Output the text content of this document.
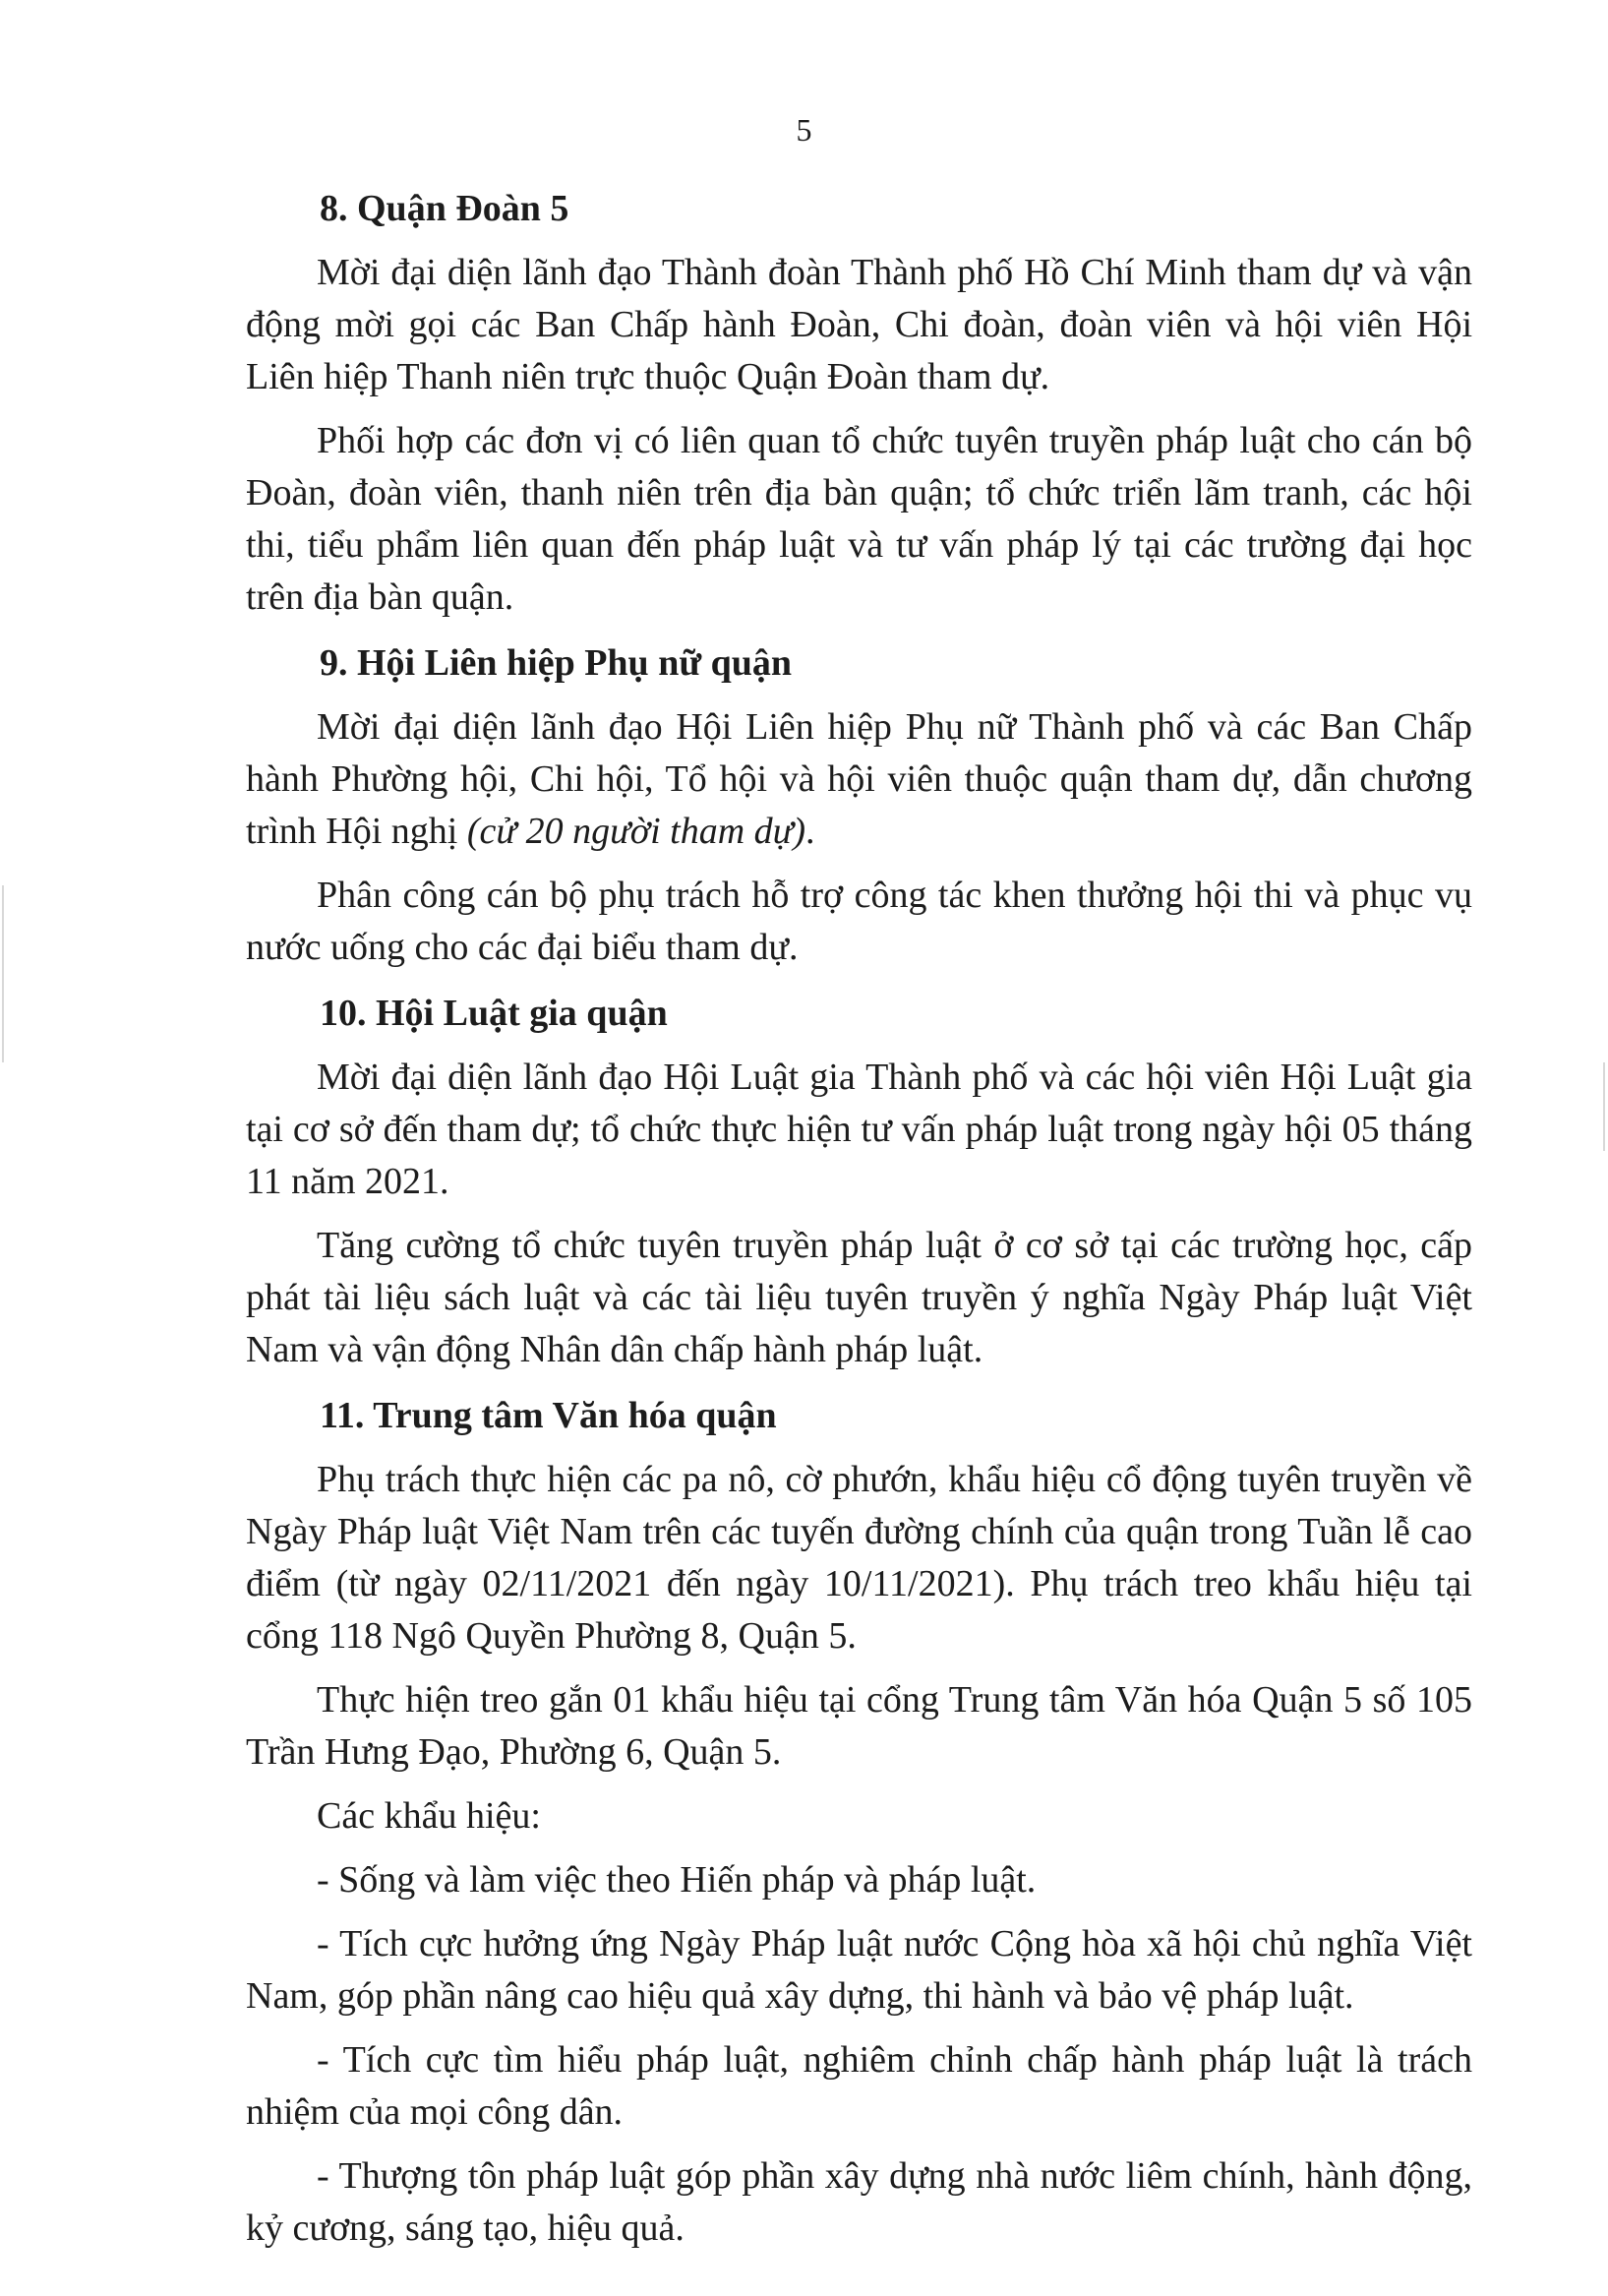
5
8. Quận Đoàn 5

Mời đại diện lãnh đạo Thành đoàn Thành phố Hồ Chí Minh tham dự và vận động mời gọi các Ban Chấp hành Đoàn, Chi đoàn, đoàn viên và hội viên Hội Liên hiệp Thanh niên trực thuộc Quận Đoàn tham dự.

Phối hợp các đơn vị có liên quan tổ chức tuyên truyền pháp luật cho cán bộ Đoàn, đoàn viên, thanh niên trên địa bàn quận; tổ chức triển lãm tranh, các hội thi, tiểu phẩm liên quan đến pháp luật và tư vấn pháp lý tại các trường đại học trên địa bàn quận.

9. Hội Liên hiệp Phụ nữ quận

Mời đại diện lãnh đạo Hội Liên hiệp Phụ nữ Thành phố và các Ban Chấp hành Phường hội, Chi hội, Tổ hội và hội viên thuộc quận tham dự, dẫn chương trình Hội nghị (cử 20 người tham dự).

Phân công cán bộ phụ trách hỗ trợ công tác khen thưởng hội thi và phục vụ nước uống cho các đại biểu tham dự.

10. Hội Luật gia quận

Mời đại diện lãnh đạo Hội Luật gia Thành phố và các hội viên Hội Luật gia tại cơ sở đến tham dự; tổ chức thực hiện tư vấn pháp luật trong ngày hội 05 tháng 11 năm 2021.

Tăng cường tổ chức tuyên truyền pháp luật ở cơ sở tại các trường học, cấp phát tài liệu sách luật và các tài liệu tuyên truyền ý nghĩa Ngày Pháp luật Việt Nam và vận động Nhân dân chấp hành pháp luật.

11. Trung tâm Văn hóa quận

Phụ trách thực hiện các pa nô, cờ phướn, khẩu hiệu cổ động tuyên truyền về Ngày Pháp luật Việt Nam trên các tuyến đường chính của quận trong Tuần lễ cao điểm (từ ngày 02/11/2021 đến ngày 10/11/2021). Phụ trách treo khẩu hiệu tại cổng 118 Ngô Quyền Phường 8, Quận 5.

Thực hiện treo gắn 01 khẩu hiệu tại cổng Trung tâm Văn hóa Quận 5 số 105 Trần Hưng Đạo, Phường 6, Quận 5.

Các khẩu hiệu:

- Sống và làm việc theo Hiến pháp và pháp luật.

- Tích cực hưởng ứng Ngày Pháp luật nước Cộng hòa xã hội chủ nghĩa Việt Nam, góp phần nâng cao hiệu quả xây dựng, thi hành và bảo vệ pháp luật.

- Tích cực tìm hiểu pháp luật, nghiêm chỉnh chấp hành pháp luật là trách nhiệm của mọi công dân.

- Thượng tôn pháp luật góp phần xây dựng nhà nước liêm chính, hành động, kỷ cương, sáng tạo, hiệu quả.
